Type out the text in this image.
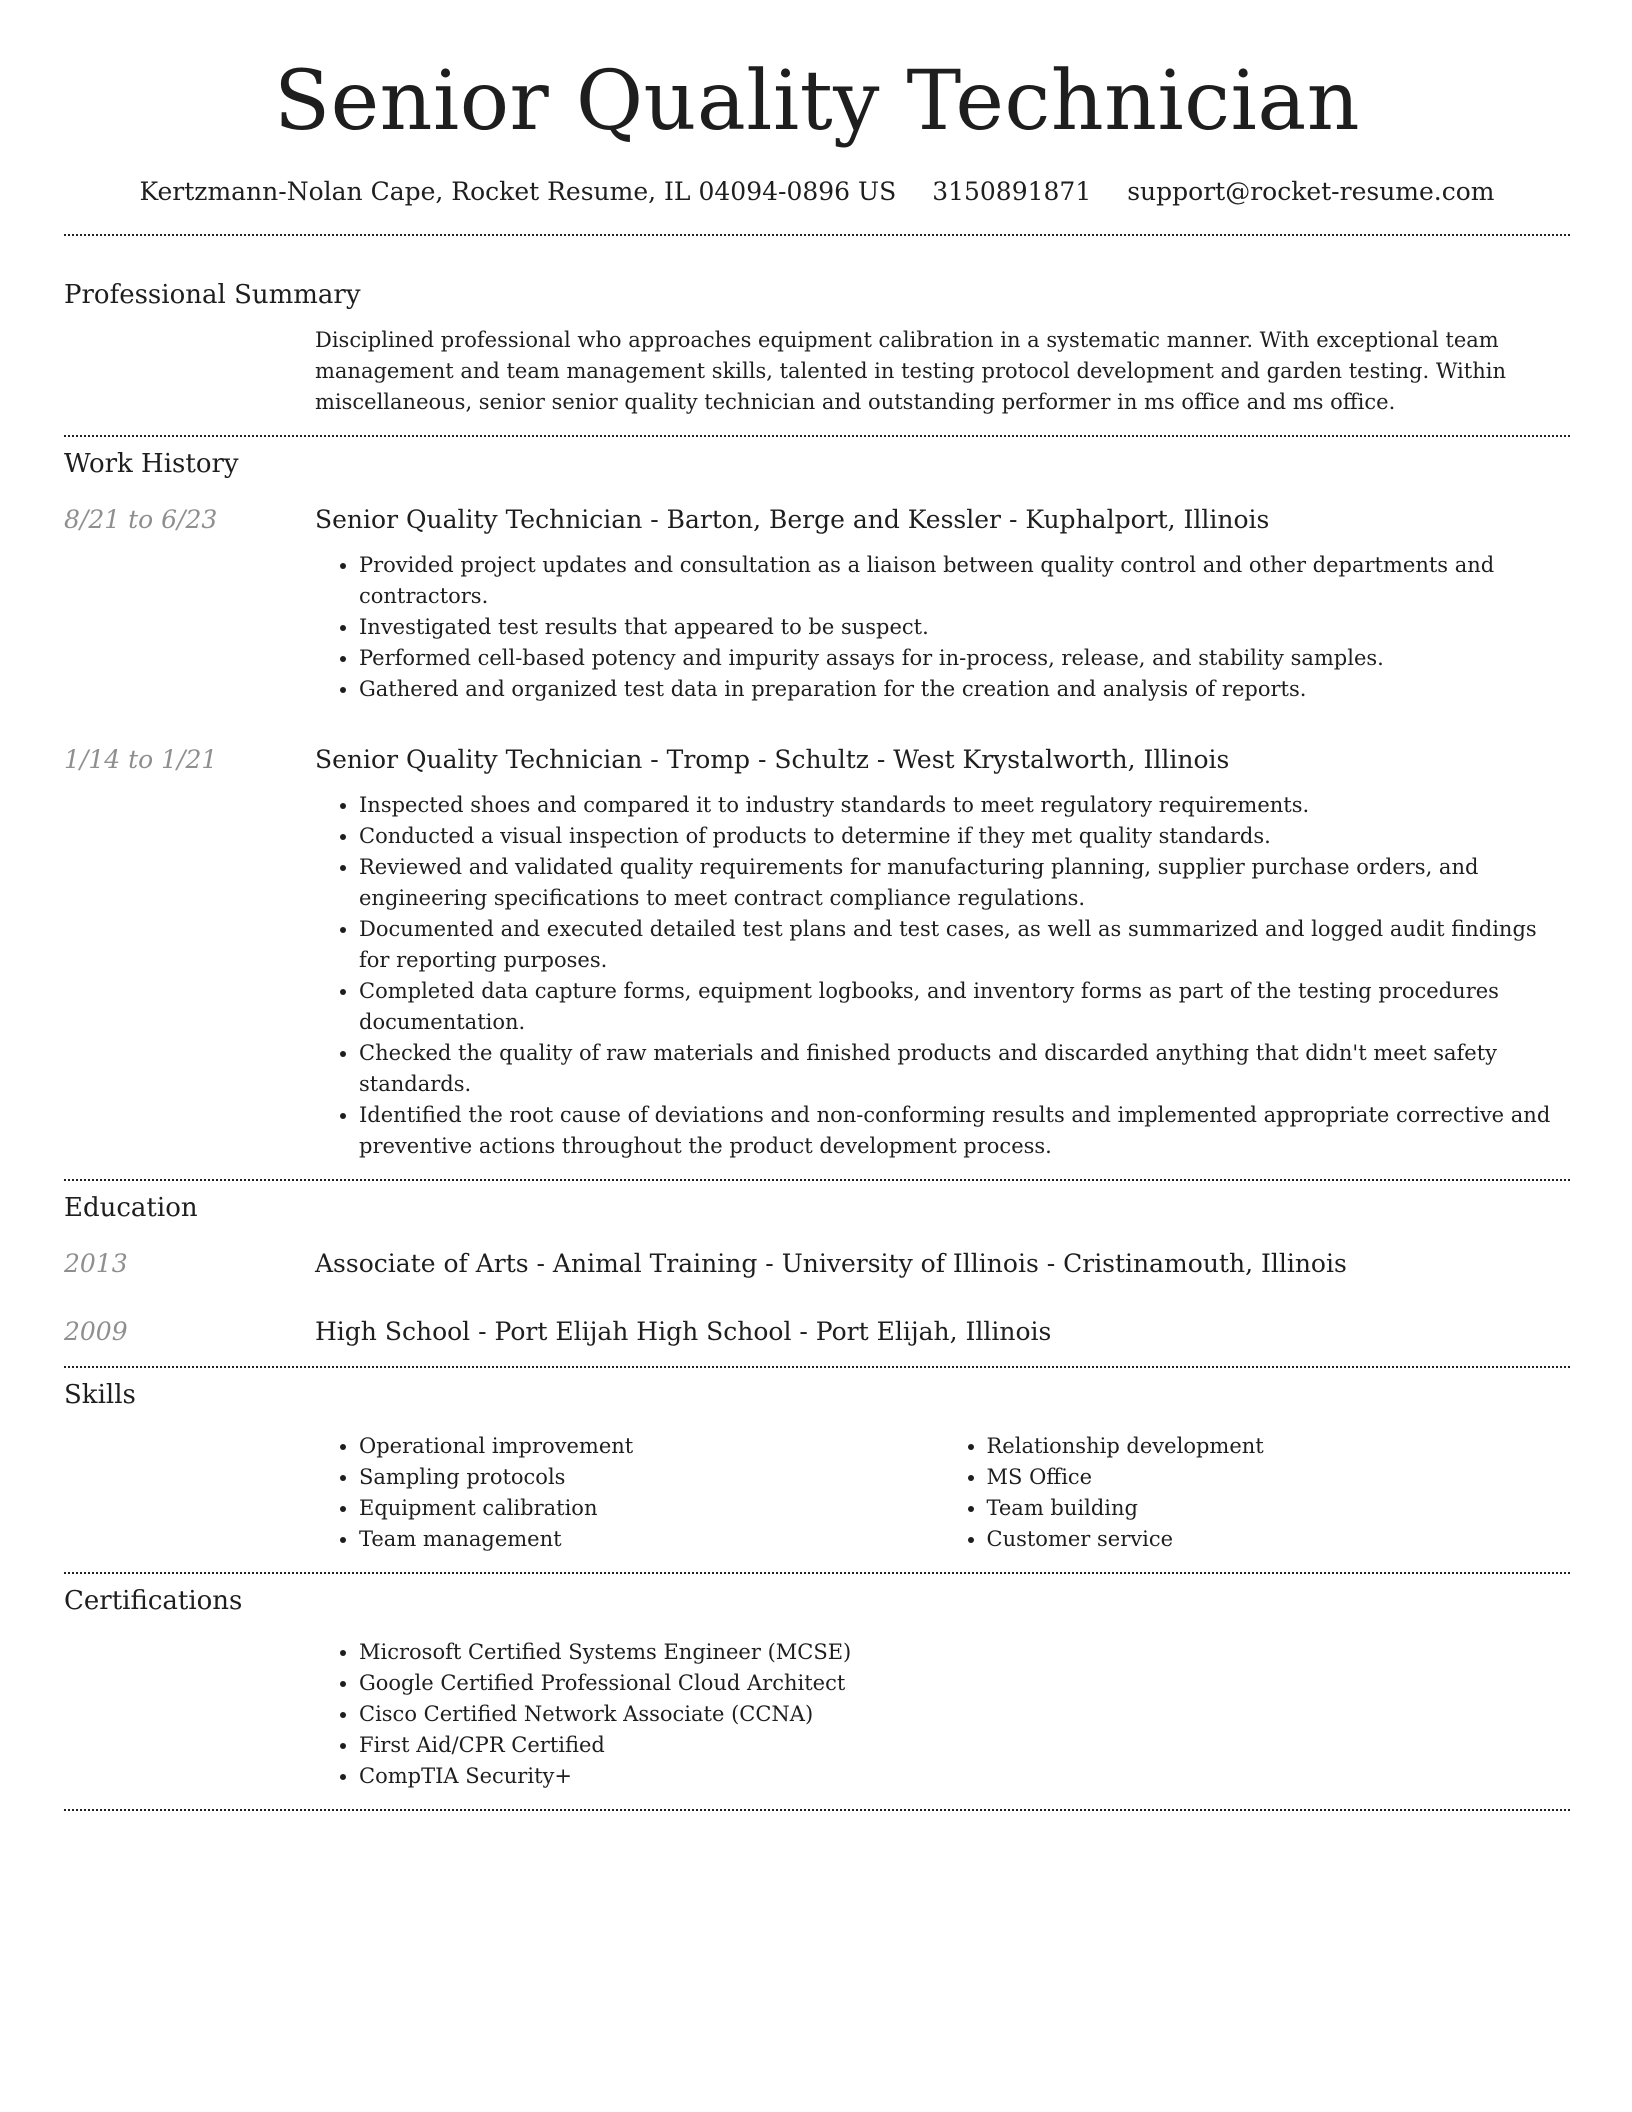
Senior Quality Technician
Kertzmann-Nolan Cape, Rocket Resume, IL 04094-0896 US 3150891871 support@rocket-resume.com
Professional Summary
Disciplined professional who approaches equipment calibration in a systematic manner. With exceptional team management and team management skills, talented in testing protocol development and garden testing. Within miscellaneous, senior senior quality technician and outstanding performer in ms office and ms office.
Work History
8/21 to 6/23	Senior Quality Technician - Barton, Berge and Kessler - Kuphalport, Illinois
• Provided project updates and consultation as a liaison between quality control and other departments and contractors.
• Investigated test results that appeared to be suspect.
• Performed cell-based potency and impurity assays for in-process, release, and stability samples.
• Gathered and organized test data in preparation for the creation and analysis of reports.
1/14 to 1/21	Senior Quality Technician - Tromp - Schultz - West Krystalworth, Illinois
• Inspected shoes and compared it to industry standards to meet regulatory requirements.
• Conducted a visual inspection of products to determine if they met quality standards.
• Reviewed and validated quality requirements for manufacturing planning, supplier purchase orders, and engineering specifications to meet contract compliance regulations.
• Documented and executed detailed test plans and test cases, as well as summarized and logged audit findings for reporting purposes.
• Completed data capture forms, equipment logbooks, and inventory forms as part of the testing procedures documentation.
• Checked the quality of raw materials and finished products and discarded anything that didn't meet safety standards.
• Identified the root cause of deviations and non-conforming results and implemented appropriate corrective and preventive actions throughout the product development process.
Education
2013	Associate of Arts - Animal Training - University of Illinois - Cristinamouth, Illinois
2009	High School - Port Elijah High School - Port Elijah, Illinois
Skills
• Operational improvement
• Sampling protocols
• Equipment calibration
• Team management
• Relationship development
• MS Office
• Team building
• Customer service
Certifications
• Microsoft Certified Systems Engineer (MCSE)
• Google Certified Professional Cloud Architect
• Cisco Certified Network Associate (CCNA)
• First Aid/CPR Certified
• CompTIA Security+
